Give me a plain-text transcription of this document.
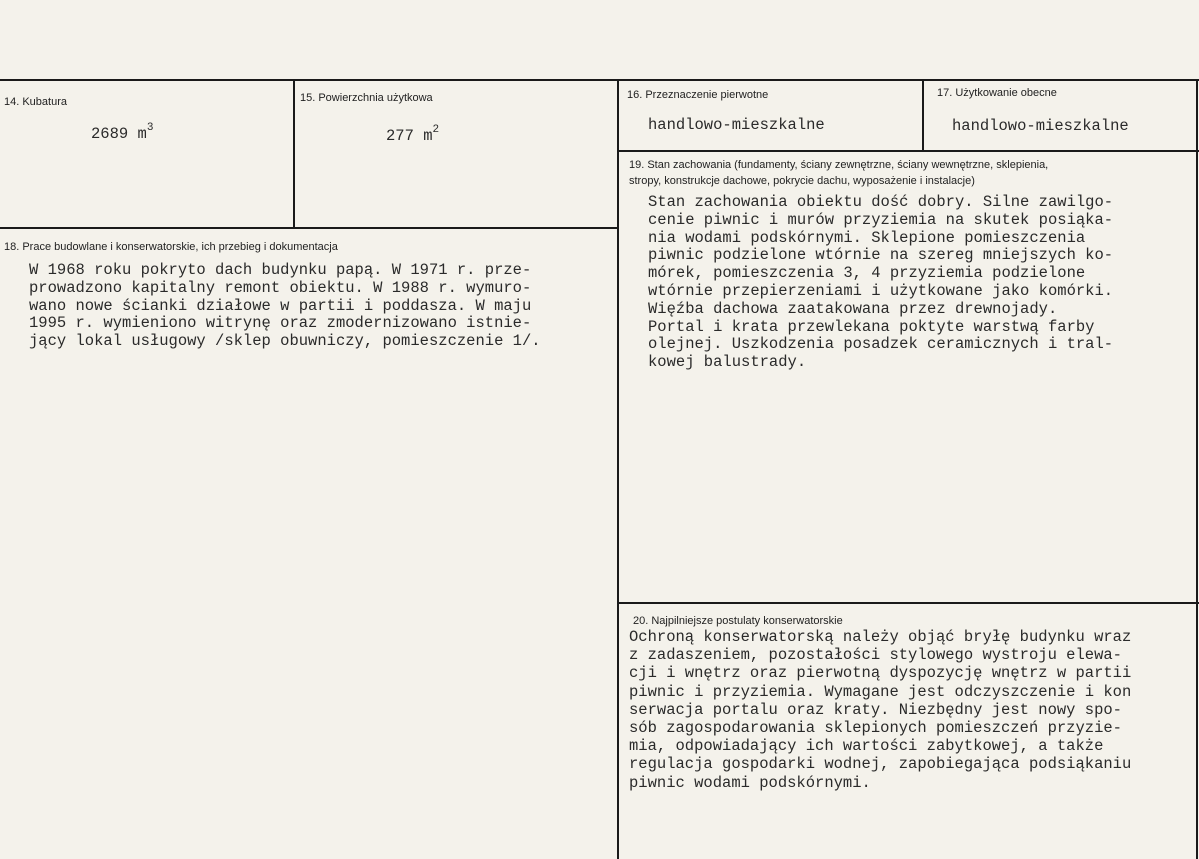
14. Kubatura
2689 $m^3$
15. Powierzchnia użytkowa
277 $m^2$
16. Przeznaczenie pierwotne
handlowo-mieszkalne
17. Użytkowanie obecne
handlowo-mieszkalne
18. Prace budowlane i konserwatorskie, ich przebieg i dokumentacja
W 1968 roku pokryto dach budynku papą. W 1971 r. prze-
prowadzono kapitalny remont obiektu. W 1988 r. wymuro-
wano nowe ścianki działowe w partii i poddasza. W maju
1995 r. wymieniono witrynę oraz zmodernizowano istnie-
jący lokal usługowy /sklep obuwniczy, pomieszczenie 1/.
19. Stan zachowania (fundamenty, ściany zewnętrzne, ściany wewnętrzne, sklepienia,
stropy, konstrukcje dachowe, pokrycie dachu, wyposażenie i instalacje)
Stan zachowania obiektu dość dobry. Silne zawilgo-
cenie piwnic i murów przyziemia na skutek posiąka-
nia wodami podskórnymi. Sklepione pomieszczenia
piwnic podzielone wtórnie na szereg mniejszych ko-
mórek, pomieszczenia 3, 4 przyziemia podzielone
wtórnie przepierzeniami i użytkowane jako komórki.
Więźba dachowa zaatakowana przez drewnojady.
Portal i krata przewlekana poktyte warstwą farby
olejnej. Uszkodzenia posadzek ceramicznych i tral-
kowej balustrady.
20. Najpilniejsze postulaty konserwatorskie
Ochroną konserwatorską należy objąć bryłę budynku wraz
z zadaszeniem, pozostałości stylowego wystroju elewa-
cji i wnętrz oraz pierwotną dyspozycję wnętrz w partii
piwnic i przyziemia. Wymagane jest odczyszczenie i kon
serwacja portalu oraz kraty. Niezbędny jest nowy spo-
sób zagospodarowania sklepionych pomieszczeń przyzie-
mia, odpowiadający ich wartości zabytkowej, a także
regulacja gospodarki wodnej, zapobiegająca podsiąkaniu
piwnic wodami podskórnymi.
